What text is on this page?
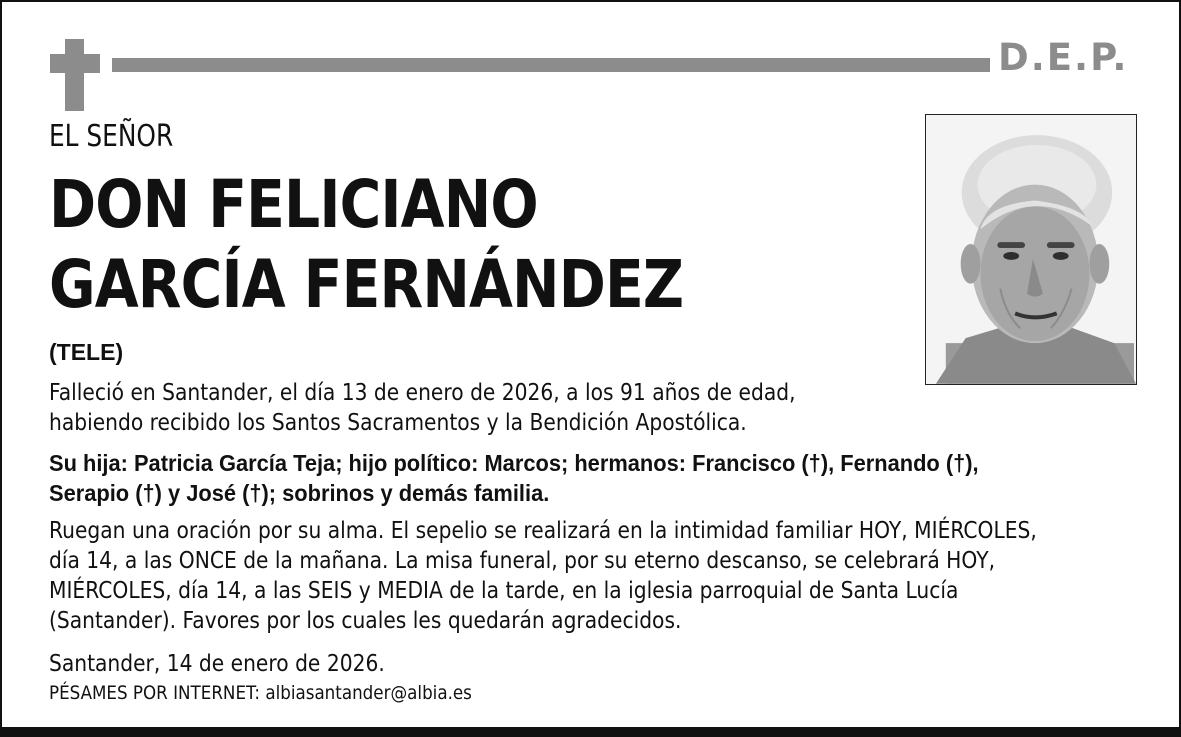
D.E.P.
EL SEÑOR
DON FELICIANO
GARCÍA FERNÁNDEZ
(TELE)
Falleció en Santander, el día 13 de enero de 2026, a los 91 años de edad,
habiendo recibido los Santos Sacramentos y la Bendición Apostólica.
Su hija: Patricia García Teja; hijo político: Marcos; hermanos: Francisco (†), Fernando (†),
Serapio (†) y José (†); sobrinos y demás familia.
Ruegan una oración por su alma. El sepelio se realizará en la intimidad familiar HOY, MIÉRCOLES,
día 14, a las ONCE de la mañana. La misa funeral, por su eterno descanso, se celebrará HOY,
MIÉRCOLES, día 14, a las SEIS y MEDIA de la tarde, en la iglesia parroquial de Santa Lucía
(Santander). Favores por los cuales les quedarán agradecidos.
Santander, 14 de enero de 2026.
PÉSAMES POR INTERNET: albiasantander@albia.es
